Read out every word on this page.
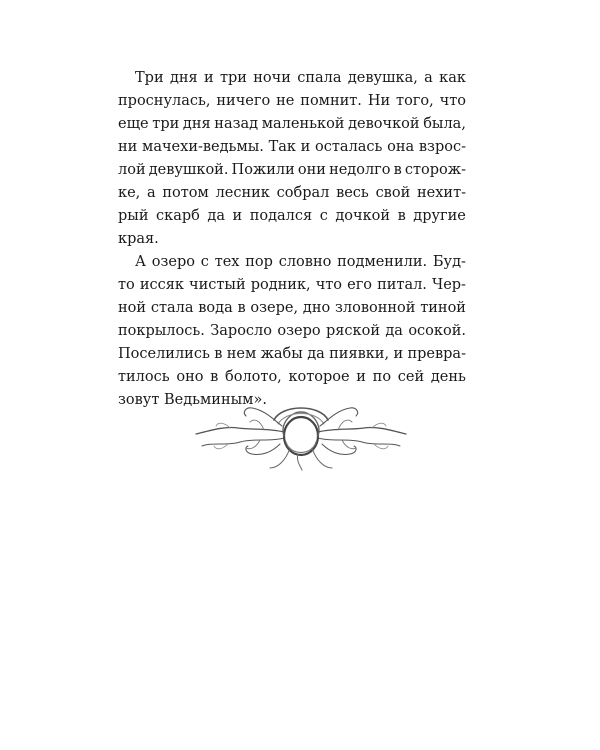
Три дня и три ночи спала девушка, а как
проснулась, ничего не помнит. Ни того, что
еще три дня назад маленькой девочкой была,
ни мачехи-ведьмы. Так и осталась она взрос-
лой девушкой. Пожили они недолго в сторож-
ке, а потом лесник собрал весь свой нехит-
рый скарб да и подался с дочкой в другие
края.
А озеро с тех пор словно подменили. Буд-
то иссяк чистый родник, что его питал. Чер-
ной стала вода в озере, дно зловонной тиной
покрылось. Заросло озеро ряской да осокой.
Поселились в нем жабы да пиявки, и превра-
тилось оно в болото, которое и по сей день
зовут Ведьминым».
